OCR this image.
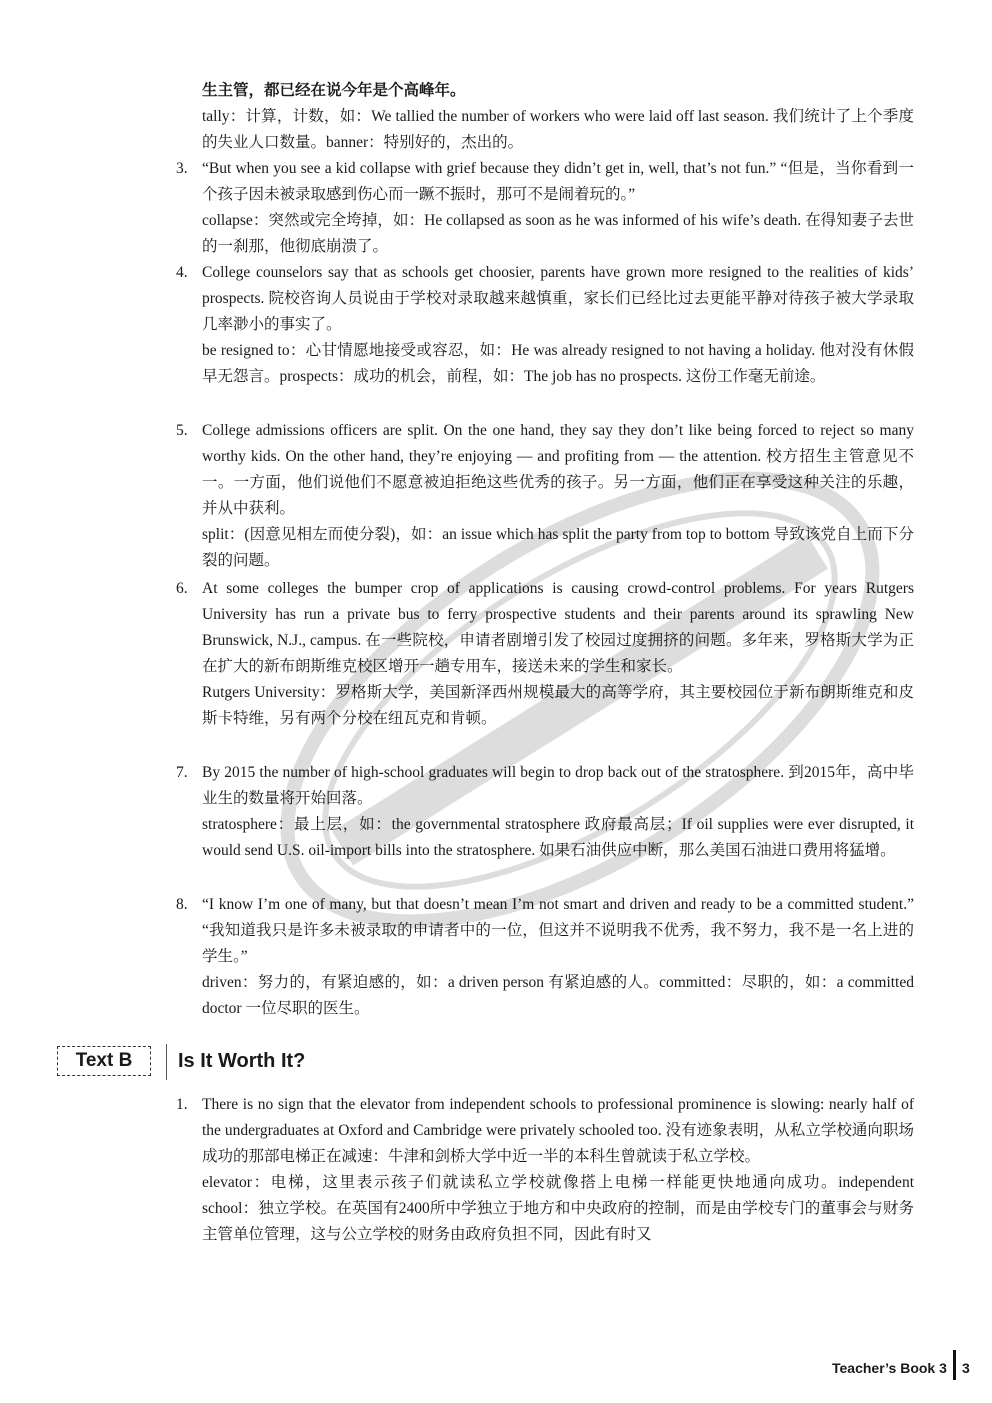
生主管，都已经在说今年是个高峰年。

tally：计算，计数，如：We tallied the number of workers who were laid off last season. 我们统计了上个季度的失业人口数量。banner：特别好的，杰出的。

3. “But when you see a kid collapse with grief because they didn’t get in, well, that’s not fun.” “但是，当你看到一个孩子因未被录取感到伤心而一蹶不振时，那可不是闹着玩的。”

collapse：突然或完全垮掉，如：He collapsed as soon as he was informed of his wife’s death. 在得知妻子去世的一刹那，他彻底崩溃了。

4. College counselors say that as schools get choosier, parents have grown more resigned to the realities of kids’ prospects. 院校咨询人员说由于学校对录取越来越慎重，家长们已经比过去更能平静对待孩子被大学录取几率渺小的事实了。

be resigned to：心甘情愿地接受或容忍，如：He was already resigned to not having a holiday. 他对没有休假早无怨言。prospects：成功的机会，前程，如：The job has no prospects. 这份工作毫无前途。

5. College admissions officers are split. On the one hand, they say they don’t like being forced to reject so many worthy kids. On the other hand, they’re enjoying — and profiting from — the attention. 校方招生主管意见不一。一方面，他们说他们不愿意被迫拒绝这些优秀的孩子。另一方面，他们正在享受这种关注的乐趣，并从中获利。

split：(因意见相左而使分裂)，如：an issue which has split the party from top to bottom 导致该党自上而下分裂的问题。

6. At some colleges the bumper crop of applications is causing crowd-control problems. For years Rutgers University has run a private bus to ferry prospective students and their parents around its sprawling New Brunswick, N.J., campus. 在一些院校，申请者剧增引发了校园过度拥挤的问题。多年来，罗格斯大学为正在扩大的新布朗斯维克校区增开一趟专用车，接送未来的学生和家长。

Rutgers University：罗格斯大学，美国新泽西州规模最大的高等学府，其主要校园位于新布朗斯维克和皮斯卡特维，另有两个分校在纽瓦克和肯顿。

7. By 2015 the number of high-school graduates will begin to drop back out of the stratosphere. 到2015年，高中毕业生的数量将开始回落。

stratosphere：最上层，如：the governmental stratosphere 政府最高层；If oil supplies were ever disrupted, it would send U.S. oil-import bills into the stratosphere. 如果石油供应中断，那么美国石油进口费用将猛增。

8. “I know I’m one of many, but that doesn’t mean I’m not smart and driven and ready to be a committed student.” “我知道我只是许多未被录取的申请者中的一位，但这并不说明我不优秀，我不努力，我不是一名上进的学生。”

driven：努力的，有紧迫感的，如：a driven person 有紧迫感的人。committed：尽职的，如：a committed doctor 一位尽职的医生。

Text B	Is It Worth It?
1. There is no sign that the elevator from independent schools to professional prominence is slowing: nearly half of the undergraduates at Oxford and Cambridge were privately schooled too. 没有迹象表明，从私立学校通向职场成功的那部电梯正在减速：牛津和剑桥大学中近一半的本科生曾就读于私立学校。

elevator：电梯，这里表示孩子们就读私立学校就像搭上电梯一样能更快地通向成功。independent school：独立学校。在英国有2400所中学独立于地方和中央政府的控制，而是由学校专门的董事会与财务主管单位管理，这与公立学校的财务由政府负担不同，因此有时又

Teacher’s Book 3 3
